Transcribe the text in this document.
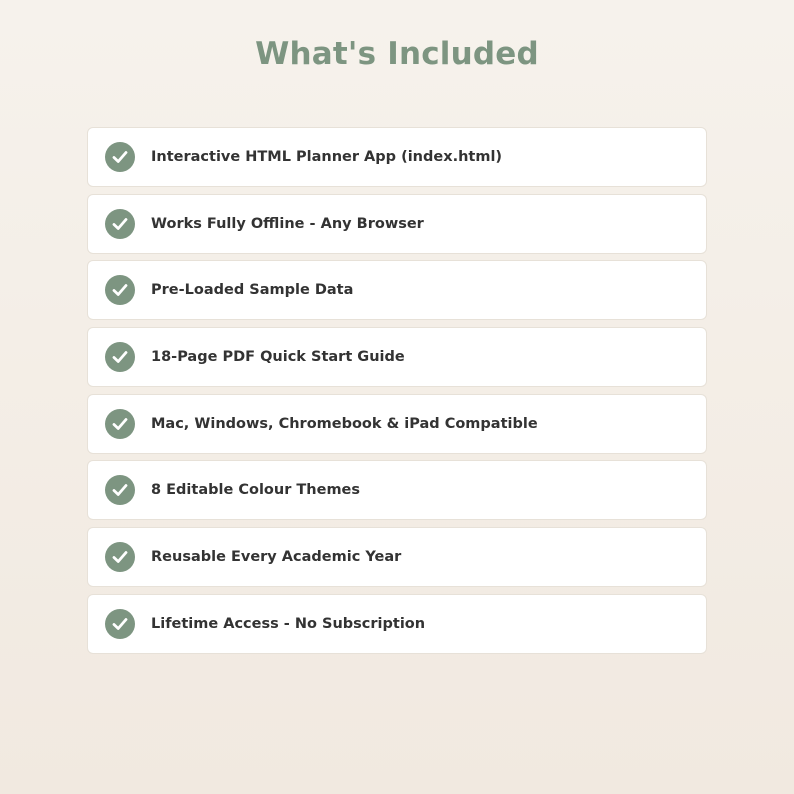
What's Included
Interactive HTML Planner App (index.html)
Works Fully Offline - Any Browser
Pre-Loaded Sample Data
18-Page PDF Quick Start Guide
Mac, Windows, Chromebook & iPad Compatible
8 Editable Colour Themes
Reusable Every Academic Year
Lifetime Access - No Subscription
